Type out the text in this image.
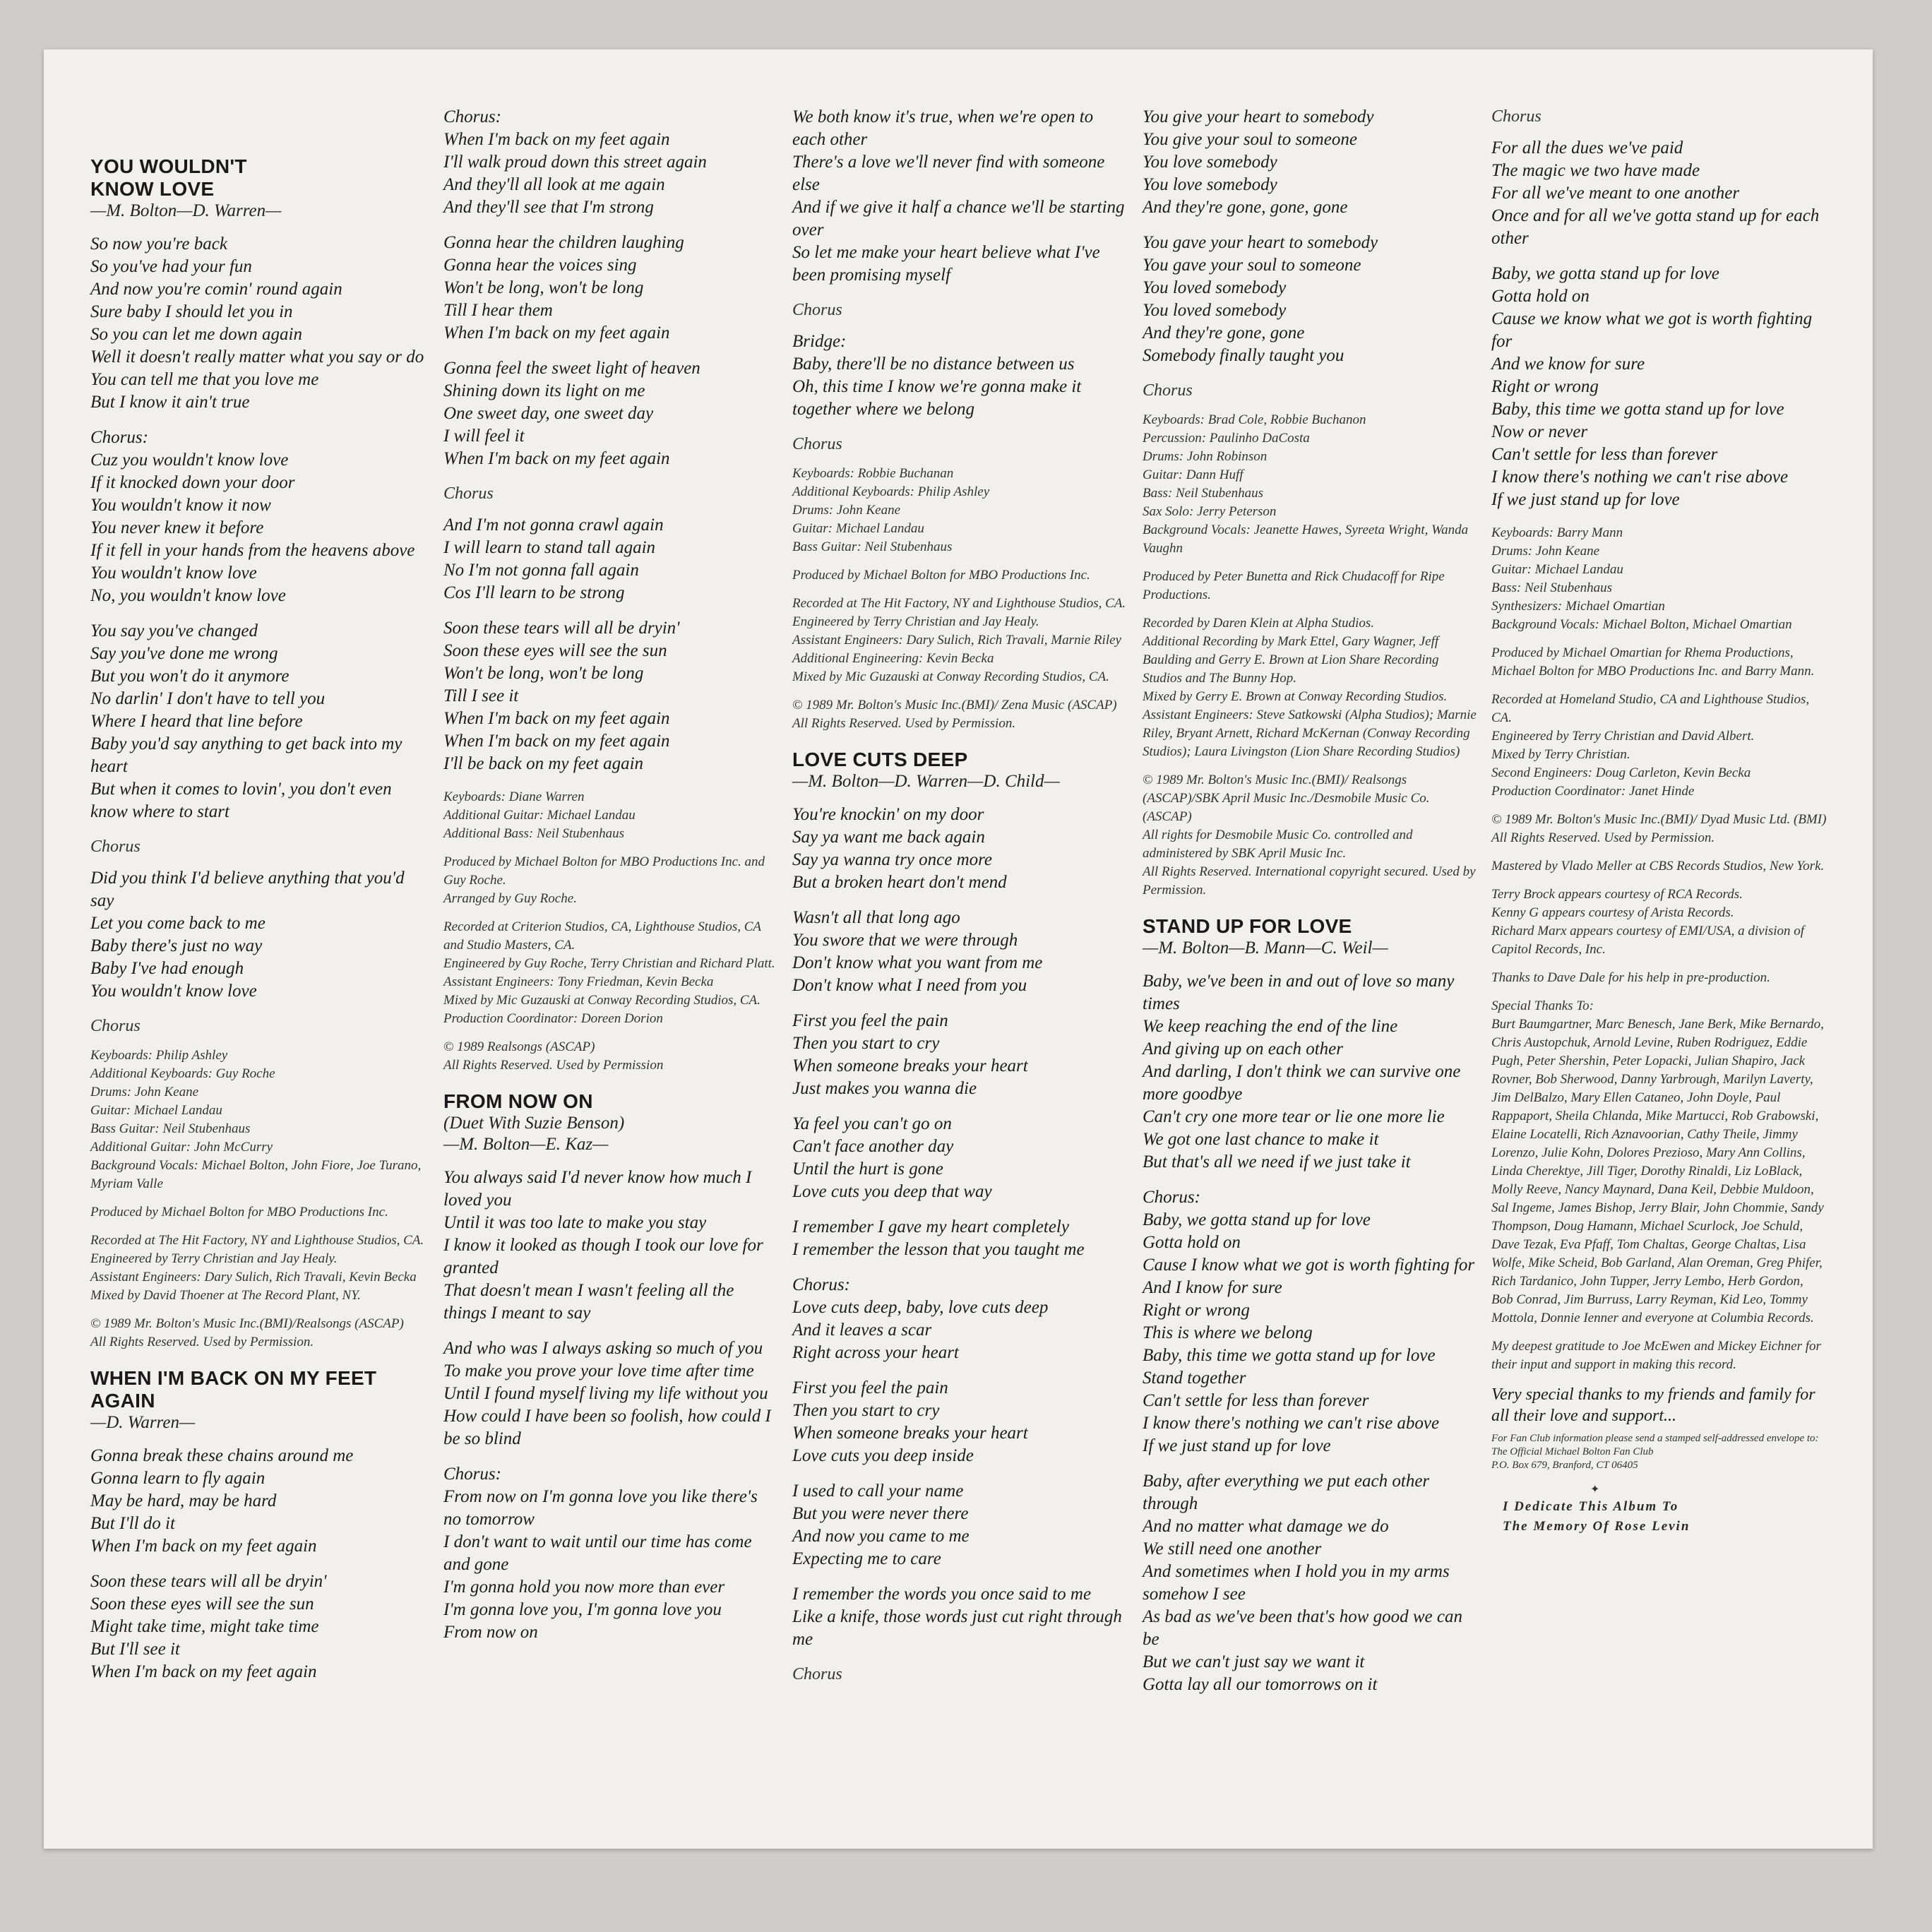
YOU WOULDN'T KNOW LOVE
—M. Bolton—D. Warren—
So now you're back
So you've had your fun
And now you're comin' round again
Sure baby I should let you in
So you can let me down again
Well it doesn't really matter what you say or do
You can tell me that you love me
But I know it ain't true
Chorus:
Cuz you wouldn't know love
If it knocked down your door
You wouldn't know it now
You never knew it before
If it fell in your hands from the heavens above
You wouldn't know love
No, you wouldn't know love
You say you've changed
Say you've done me wrong
But you won't do it anymore
No darlin' I don't have to tell you
Where I heard that line before
Baby you'd say anything to get back into my heart
But when it comes to lovin', you don't even know where to start
Chorus
Did you think I'd believe anything that you'd say
Let you come back to me
Baby there's just no way
Baby I've had enough
You wouldn't know love
Chorus
Keyboards: Philip Ashley
Additional Keyboards: Guy Roche
Drums: John Keane
Guitar: Michael Landau
Bass Guitar: Neil Stubenhaus
Additional Guitar: John McCurry
Background Vocals: Michael Bolton, John Fiore, Joe Turano, Myriam Valle
Produced by Michael Bolton for MBO Productions Inc.
Recorded at The Hit Factory, NY and Lighthouse Studios, CA.
Engineered by Terry Christian and Jay Healy.
Assistant Engineers: Dary Sulich, Rich Travali, Kevin Becka
Mixed by David Thoener at The Record Plant, NY.
© 1989 Mr. Bolton's Music Inc.(BMI)/Realsongs (ASCAP)
All Rights Reserved. Used by Permission.
WHEN I'M BACK ON MY FEET AGAIN
—D. Warren—
Gonna break these chains around me
Gonna learn to fly again
May be hard, may be hard
But I'll do it
When I'm back on my feet again
Soon these tears will all be dryin'
Soon these eyes will see the sun
Might take time, might take time
But I'll see it
When I'm back on my feet again
Chorus:
When I'm back on my feet again
I'll walk proud down this street again
And they'll all look at me again
And they'll see that I'm strong
Gonna hear the children laughing
Gonna hear the voices sing
Won't be long, won't be long
Till I hear them
When I'm back on my feet again
Gonna feel the sweet light of heaven
Shining down its light on me
One sweet day, one sweet day
I will feel it
When I'm back on my feet again
Chorus
And I'm not gonna crawl again
I will learn to stand tall again
No I'm not gonna fall again
Cos I'll learn to be strong
Soon these tears will all be dryin'
Soon these eyes will see the sun
Won't be long, won't be long
Till I see it
When I'm back on my feet again
When I'm back on my feet again
I'll be back on my feet again
Keyboards: Diane Warren
Additional Guitar: Michael Landau
Additional Bass: Neil Stubenhaus
Produced by Michael Bolton for MBO Productions Inc. and Guy Roche.
Arranged by Guy Roche.
Recorded at Criterion Studios, CA, Lighthouse Studios, CA and Studio Masters, CA.
Engineered by Guy Roche, Terry Christian and Richard Platt.
Assistant Engineers: Tony Friedman, Kevin Becka
Mixed by Mic Guzauski at Conway Recording Studios, CA.
Production Coordinator: Doreen Dorion
© 1989 Realsongs (ASCAP)
All Rights Reserved. Used by Permission
FROM NOW ON
(Duet With Suzie Benson)
—M. Bolton—E. Kaz—
You always said I'd never know how much I loved you
Until it was too late to make you stay
I know it looked as though I took our love for granted
That doesn't mean I wasn't feeling all the things I meant to say
And who was I always asking so much of you
To make you prove your love time after time
Until I found myself living my life without you
How could I have been so foolish, how could I be so blind
Chorus:
From now on I'm gonna love you like there's no tomorrow
I don't want to wait until our time has come and gone
I'm gonna hold you now more than ever
I'm gonna love you, I'm gonna love you
From now on
We both know it's true, when we're open to each other
There's a love we'll never find with someone else
And if we give it half a chance we'll be starting over
So let me make your heart believe what I've been promising myself
Chorus
Bridge:
Baby, there'll be no distance between us
Oh, this time I know we're gonna make it together where we belong
Chorus
Keyboards: Robbie Buchanan
Additional Keyboards: Philip Ashley
Drums: John Keane
Guitar: Michael Landau
Bass Guitar: Neil Stubenhaus
Produced by Michael Bolton for MBO Productions Inc.
Recorded at The Hit Factory, NY and Lighthouse Studios, CA.
Engineered by Terry Christian and Jay Healy.
Assistant Engineers: Dary Sulich, Rich Travali, Marnie Riley
Additional Engineering: Kevin Becka
Mixed by Mic Guzauski at Conway Recording Studios, CA.
© 1989 Mr. Bolton's Music Inc.(BMI)/ Zena Music (ASCAP)
All Rights Reserved. Used by Permission.
LOVE CUTS DEEP
—M. Bolton—D. Warren—D. Child—
You're knockin' on my door
Say ya want me back again
Say ya wanna try once more
But a broken heart don't mend
Wasn't all that long ago
You swore that we were through
Don't know what you want from me
Don't know what I need from you
First you feel the pain
Then you start to cry
When someone breaks your heart
Just makes you wanna die
Ya feel you can't go on
Can't face another day
Until the hurt is gone
Love cuts you deep that way
I remember I gave my heart completely
I remember the lesson that you taught me
Chorus:
Love cuts deep, baby, love cuts deep
And it leaves a scar
Right across your heart
First you feel the pain
Then you start to cry
When someone breaks your heart
Love cuts you deep inside
I used to call your name
But you were never there
And now you came to me
Expecting me to care
I remember the words you once said to me
Like a knife, those words just cut right through me
Chorus
You give your heart to somebody
You give your soul to someone
You love somebody
You love somebody
And they're gone, gone, gone
You gave your heart to somebody
You gave your soul to someone
You loved somebody
You loved somebody
And they're gone, gone
Somebody finally taught you
Chorus
Keyboards: Brad Cole, Robbie Buchanon
Percussion: Paulinho DaCosta
Drums: John Robinson
Guitar: Dann Huff
Bass: Neil Stubenhaus
Sax Solo: Jerry Peterson
Background Vocals: Jeanette Hawes, Syreeta Wright, Wanda Vaughn
Produced by Peter Bunetta and Rick Chudacoff for Ripe Productions.
Recorded by Daren Klein at Alpha Studios.
Additional Recording by Mark Ettel, Gary Wagner, Jeff Baulding and Gerry E. Brown at Lion Share Recording Studios and The Bunny Hop.
Mixed by Gerry E. Brown at Conway Recording Studios.
Assistant Engineers: Steve Satkowski (Alpha Studios); Marnie Riley, Bryant Arnett, Richard McKernan (Conway Recording Studios); Laura Livingston (Lion Share Recording Studios)
© 1989 Mr. Bolton's Music Inc.(BMI)/ Realsongs (ASCAP)/SBK April Music Inc./Desmobile Music Co. (ASCAP)
All rights for Desmobile Music Co. controlled and administered by SBK April Music Inc.
All Rights Reserved. International copyright secured. Used by Permission.
STAND UP FOR LOVE
—M. Bolton—B. Mann—C. Weil—
Baby, we've been in and out of love so many times
We keep reaching the end of the line
And giving up on each other
And darling, I don't think we can survive one more goodbye
Can't cry one more tear or lie one more lie
We got one last chance to make it
But that's all we need if we just take it
Chorus:
Baby, we gotta stand up for love
Gotta hold on
Cause I know what we got is worth fighting for
And I know for sure
Right or wrong
This is where we belong
Baby, this time we gotta stand up for love
Stand together
Can't settle for less than forever
I know there's nothing we can't rise above
If we just stand up for love
Baby, after everything we put each other through
And no matter what damage we do
We still need one another
And sometimes when I hold you in my arms somehow I see
As bad as we've been that's how good we can be
But we can't just say we want it
Gotta lay all our tomorrows on it
Chorus
For all the dues we've paid
The magic we two have made
For all we've meant to one another
Once and for all we've gotta stand up for each other
Baby, we gotta stand up for love
Gotta hold on
Cause we know what we got is worth fighting for
And we know for sure
Right or wrong
Baby, this time we gotta stand up for love
Now or never
Can't settle for less than forever
I know there's nothing we can't rise above
If we just stand up for love
Keyboards: Barry Mann
Drums: John Keane
Guitar: Michael Landau
Bass: Neil Stubenhaus
Synthesizers: Michael Omartian
Background Vocals: Michael Bolton, Michael Omartian
Produced by Michael Omartian for Rhema Productions, Michael Bolton for MBO Productions Inc. and Barry Mann.
Recorded at Homeland Studio, CA and Lighthouse Studios, CA.
Engineered by Terry Christian and David Albert.
Mixed by Terry Christian.
Second Engineers: Doug Carleton, Kevin Becka
Production Coordinator: Janet Hinde
© 1989 Mr. Bolton's Music Inc.(BMI)/ Dyad Music Ltd. (BMI)
All Rights Reserved. Used by Permission.
Mastered by Vlado Meller at CBS Records Studios, New York.
Terry Brock appears courtesy of RCA Records.
Kenny G appears courtesy of Arista Records.
Richard Marx appears courtesy of EMI/USA, a division of Capitol Records, Inc.
Thanks to Dave Dale for his help in pre-production.
Special Thanks To:
Burt Baumgartner, Marc Benesch, Jane Berk, Mike Bernardo, Chris Austopchuk, Arnold Levine, Ruben Rodriguez, Eddie Pugh, Peter Shershin, Peter Lopacki, Julian Shapiro, Jack Rovner, Bob Sherwood, Danny Yarbrough, Marilyn Laverty, Jim DelBalzo, Mary Ellen Cataneo, John Doyle, Paul Rappaport, Sheila Chlanda, Mike Martucci, Rob Grabowski, Elaine Locatelli, Rich Aznavoorian, Cathy Theile, Jimmy Lorenzo, Julie Kohn, Dolores Prezioso, Mary Ann Collins, Linda Cherektye, Jill Tiger, Dorothy Rinaldi, Liz LoBlack, Molly Reeve, Nancy Maynard, Dana Keil, Debbie Muldoon, Sal Ingeme, James Bishop, Jerry Blair, John Chommie, Sandy Thompson, Doug Hamann, Michael Scurlock, Joe Schuld, Dave Tezak, Eva Pfaff, Tom Chaltas, George Chaltas, Lisa Wolfe, Mike Scheid, Bob Garland, Alan Oreman, Greg Phifer, Rich Tardanico, John Tupper, Jerry Lembo, Herb Gordon, Bob Conrad, Jim Burruss, Larry Reyman, Kid Leo, Tommy Mottola, Donnie Ienner and everyone at Columbia Records.
My deepest gratitude to Joe McEwen and Mickey Eichner for their input and support in making this record.
Very special thanks to my friends and family for all their love and support...
For Fan Club information please send a stamped self-addressed envelope to:
The Official Michael Bolton Fan Club
P.O. Box 679, Branford, CT 06405
✦
I Dedicate This Album To
The Memory Of Rose Levin
